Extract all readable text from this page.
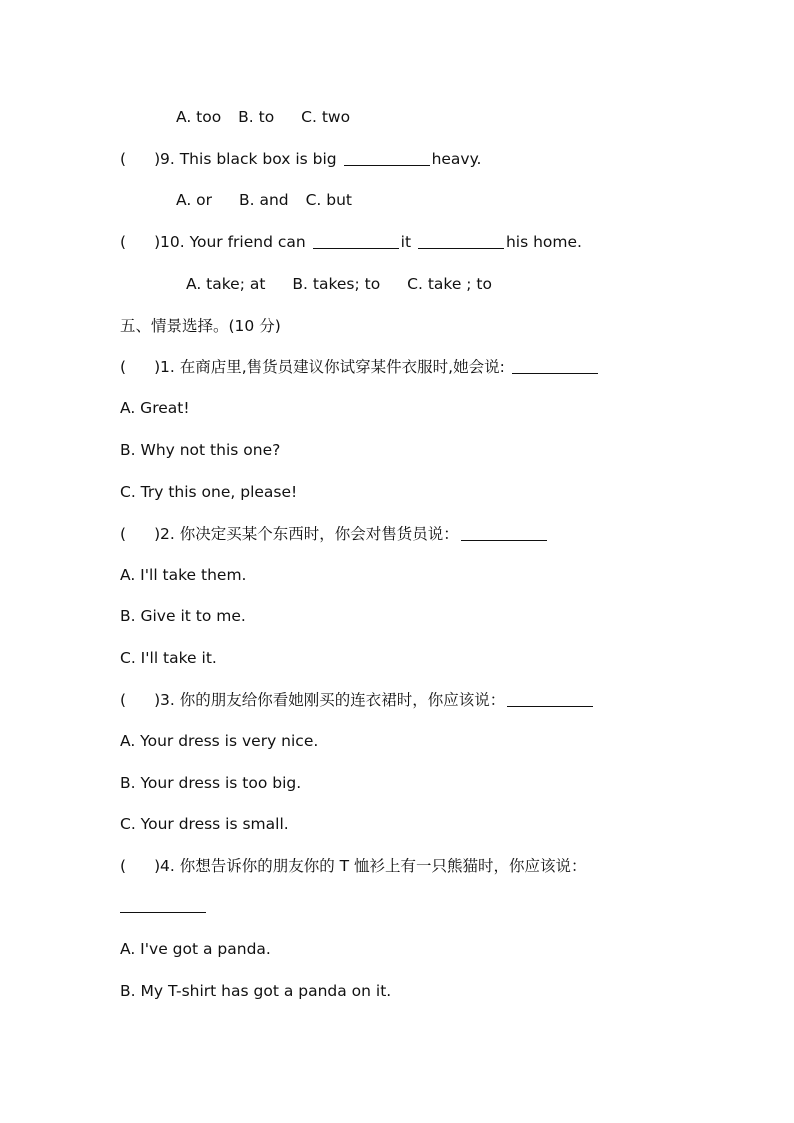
A. too B. to C. two
( )9. This black box is big	heavy.
A. or B. and C. but
( )10. Your friend can	it	his home.
A. take; at B. takes; to C. take ; to
五、情景选择。(10 分)
( )1. 在商店里,售货员建议你试穿某件衣服时,她会说:
A. Great!
B. Why not this one?
C. Try this one, please!
( )2. 你决定买某个东西时，你会对售货员说：
A. I'll take them.
B. Give it to me.
C. I'll take it.
( )3. 你的朋友给你看她刚买的连衣裙时，你应该说：
A. Your dress is very nice.
B. Your dress is too big.
C. Your dress is small.
( )4. 你想告诉你的朋友你的 T 恤衫上有一只熊猫时，你应该说：
A. I've got a panda.
B. My T-shirt has got a panda on it.
